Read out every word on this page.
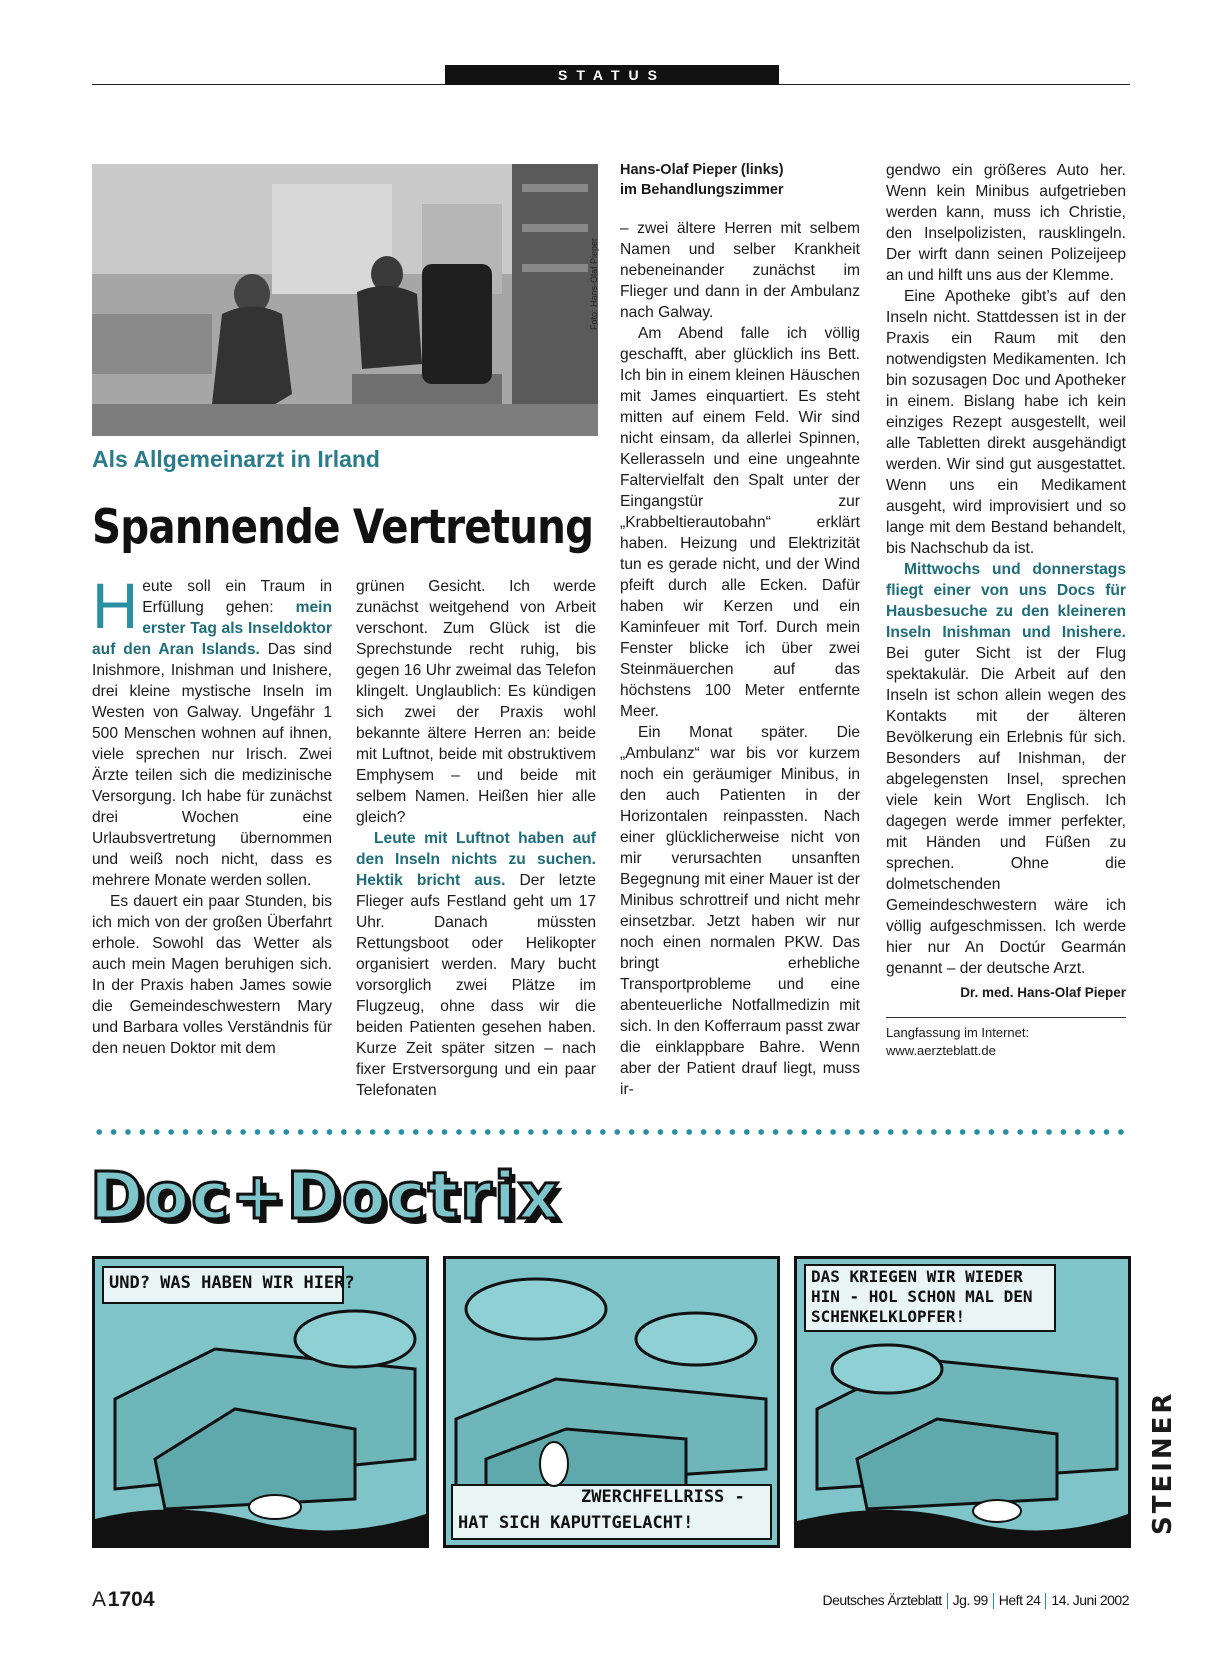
STATUS
Foto: Hans-Olaf Pieper
Als Allgemeinarzt in Irland
Spannende Vertretung

Heute soll ein Traum in Erfüllung gehen: mein erster Tag als Inseldoktor auf den Aran Islands. Das sind Inishmore, Inishman und Inishere, drei kleine mystische Inseln im Westen von Galway. Ungefähr 1 500 Menschen wohnen auf ihnen, viele sprechen nur Irisch. Zwei Ärzte teilen sich die medizinische Versorgung. Ich habe für zunächst drei Wochen eine Urlaubsvertretung übernommen und weiß noch nicht, dass es mehrere Monate werden sollen.

Es dauert ein paar Stunden, bis ich mich von der großen Überfahrt erhole. Sowohl das Wetter als auch mein Magen beruhigen sich. In der Praxis haben James sowie die Gemeindeschwestern Mary und Barbara volles Verständnis für den neuen Doktor mit dem

grünen Gesicht. Ich werde zunächst weitgehend von Arbeit verschont. Zum Glück ist die Sprechstunde recht ruhig, bis gegen 16 Uhr zweimal das Telefon klingelt. Unglaublich: Es kündigen sich zwei der Praxis wohl bekannte ältere Herren an: beide mit Luftnot, beide mit obstruktivem Emphysem – und beide mit selbem Namen. Heißen hier alle gleich?

Leute mit Luftnot haben auf den Inseln nichts zu suchen. Hektik bricht aus. Der letzte Flieger aufs Festland geht um 17 Uhr. Danach müssten Rettungsboot oder Helikopter organisiert werden. Mary bucht vorsorglich zwei Plätze im Flugzeug, ohne dass wir die beiden Patienten gesehen haben. Kurze Zeit später sitzen – nach fixer Erstversorgung und ein paar Telefonaten

Hans-Olaf Pieper (links)
im Behandlungszimmer

– zwei ältere Herren mit selbem Namen und selber Krankheit nebeneinander zunächst im Flieger und dann in der Ambulanz nach Galway.

Am Abend falle ich völlig geschafft, aber glücklich ins Bett. Ich bin in einem kleinen Häuschen mit James einquartiert. Es steht mitten auf einem Feld. Wir sind nicht einsam, da allerlei Spinnen, Kellerasseln und eine ungeahnte Faltervielfalt den Spalt unter der Eingangstür zur „Krabbeltierautobahn“ erklärt haben. Heizung und Elektrizität tun es gerade nicht, und der Wind pfeift durch alle Ecken. Dafür haben wir Kerzen und ein Kaminfeuer mit Torf. Durch mein Fenster blicke ich über zwei Steinmäuerchen auf das höchstens 100 Meter entfernte Meer.

Ein Monat später. Die „Ambulanz“ war bis vor kurzem noch ein geräumiger Minibus, in den auch Patienten in der Horizontalen reinpassten. Nach einer glücklicherweise nicht von mir verursachten unsanften Begegnung mit einer Mauer ist der Minibus schrottreif und nicht mehr einsetzbar. Jetzt haben wir nur noch einen normalen PKW. Das bringt erhebliche Transportprobleme und eine abenteuerliche Notfallmedizin mit sich. In den Kofferraum passt zwar die einklappbare Bahre. Wenn aber der Patient drauf liegt, muss ir-

gendwo ein größeres Auto her. Wenn kein Minibus aufgetrieben werden kann, muss ich Christie, den Inselpolizisten, rausklingeln. Der wirft dann seinen Polizeijeep an und hilft uns aus der Klemme.

Eine Apotheke gibt’s auf den Inseln nicht. Stattdessen ist in der Praxis ein Raum mit den notwendigsten Medikamenten. Ich bin sozusagen Doc und Apotheker in einem. Bislang habe ich kein einziges Rezept ausgestellt, weil alle Tabletten direkt ausgehändigt werden. Wir sind gut ausgestattet. Wenn uns ein Medikament ausgeht, wird improvisiert und so lange mit dem Bestand behandelt, bis Nachschub da ist.

Mittwochs und donnerstags fliegt einer von uns Docs für Hausbesuche zu den kleineren Inseln Inishman und Inishere. Bei guter Sicht ist der Flug spektakulär. Die Arbeit auf den Inseln ist schon allein wegen des Kontakts mit der älteren Bevölkerung ein Erlebnis für sich. Besonders auf Inishman, der abgelegensten Insel, sprechen viele kein Wort Englisch. Ich dagegen werde immer perfekter, mit Händen und Füßen zu sprechen. Ohne die dolmetschenden Gemeindeschwestern wäre ich völlig aufgeschmissen. Ich werde hier nur An Doctúr Gearmán genannt – der deutsche Arzt.

Dr. med. Hans-Olaf Pieper
Langfassung im Internet:
www.aerzteblatt.de
Doc+Doctrix
UND? WAS HABEN WIR HIER?
ZWERCHFELLRISS -
HAT SICH KAPUTTGELACHT!
DAS KRIEGEN WIR WIEDER
HIN - HOL SCHON MAL DEN
SCHENKELKLOPFER!
STEINER
A 1704	Deutsches Ärzteblatt Jg. 99 Heft 24 14. Juni 2002
